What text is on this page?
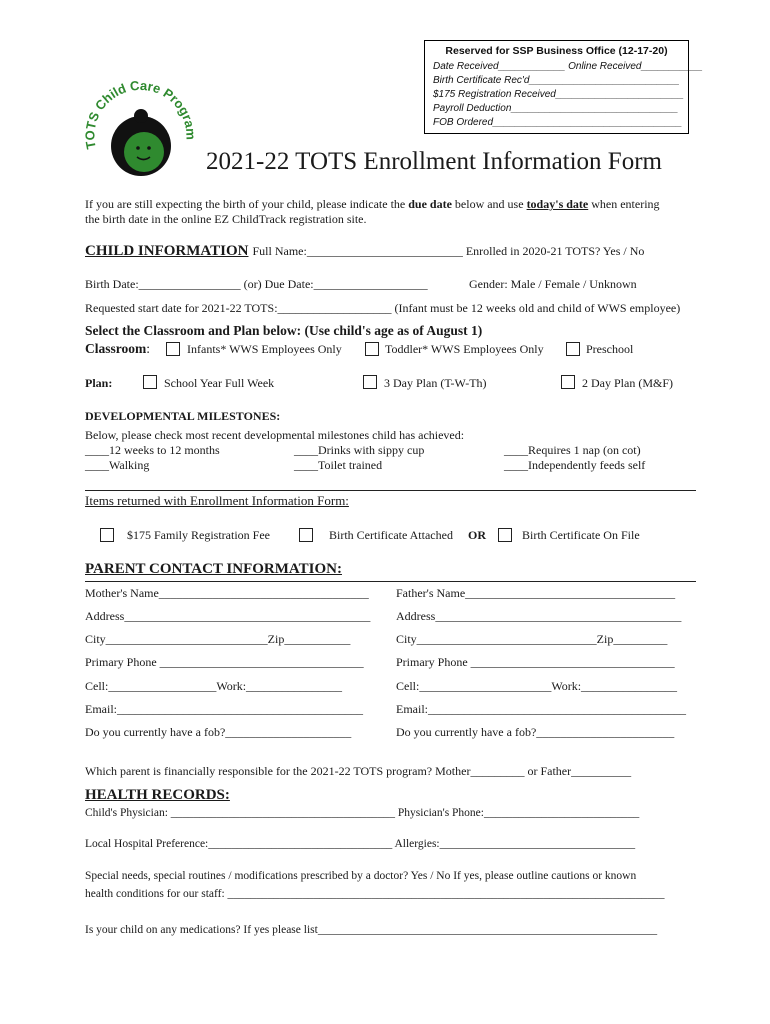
Reserved for SSP Business Office (12-17-20)
Date Received____________ Online Received___________
Birth Certificate Rec'd___________________________
$175 Registration Received_______________________
Payroll Deduction______________________________
FOB Ordered__________________________________
TOTS Child Care Program
2021-22 TOTS Enrollment Information Form
If you are still expecting the birth of your child, please indicate the due date below and use today's date when entering
the birth date in the online EZ ChildTrack registration site.
CHILD INFORMATION Full Name:__________________________ Enrolled in 2020-21 TOTS? Yes / No
Birth Date:_________________ (or) Due Date:___________________	Gender: Male / Female / Unknown
Requested start date for 2021-22 TOTS:___________________ (Infant must be 12 weeks old and child of WWS employee)
Select the Classroom and Plan below: (Use child's age as of August 1)
Classroom:	Infants* WWS Employees Only	Toddler* WWS Employees Only	Preschool
Plan:	School Year Full Week	3 Day Plan (T-W-Th)	2 Day Plan (M&F)
DEVELOPMENTAL MILESTONES:
Below, please check most recent developmental milestones child has achieved:
____12 weeks to 12 months	____Drinks with sippy cup	____Requires 1 nap (on cot)
____Walking	____Toilet trained	____Independently feeds self
Items returned with Enrollment Information Form:
$175 Family Registration Fee	Birth Certificate Attached OR	Birth Certificate On File
PARENT CONTACT INFORMATION:
Mother's Name___________________________________
Address_________________________________________
City___________________________Zip___________
Primary Phone __________________________________
Cell:__________________Work:________________
Email:_________________________________________
Do you currently have a fob?_____________________
Father's Name___________________________________
Address_________________________________________
City______________________________Zip_________
Primary Phone __________________________________
Cell:______________________Work:________________
Email:___________________________________________
Do you currently have a fob?_______________________
Which parent is financially responsible for the 2021-22 TOTS program? Mother_________ or Father__________
HEALTH RECORDS:
Child's Physician: _______________________________________ Physician's Phone:___________________________
Local Hospital Preference:________________________________ Allergies:__________________________________
Special needs, special routines / modifications prescribed by a doctor? Yes / No If yes, please outline cautions or known
health conditions for our staff: ____________________________________________________________________________
Is your child on any medications? If yes please list___________________________________________________________
